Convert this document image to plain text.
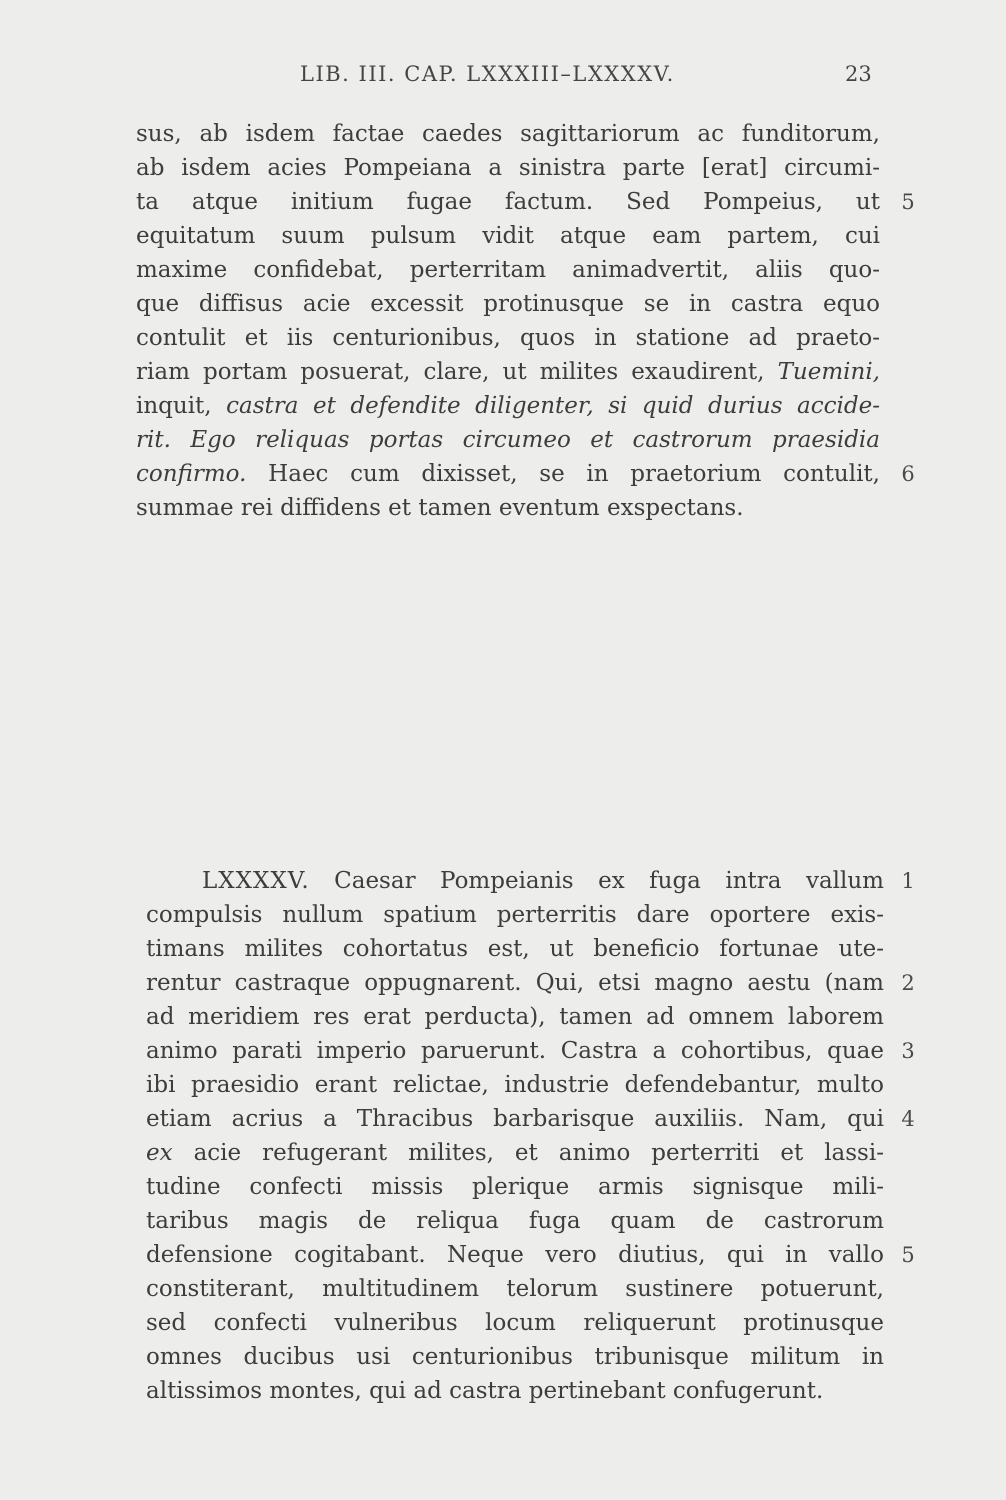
LIB. III. CAP. LXXXIII–LXXXXV.	23
sus, ab isdem factae caedes sagittariorum ac funditorum,
ab isdem acies Pompeiana a sinistra parte [erat] circumi-
ta atque initium fugae factum. Sed Pompeius, ut	5
equitatum suum pulsum vidit atque eam partem, cui
maxime confidebat, perterritam animadvertit, aliis quo-
que diffisus acie excessit protinusque se in castra equo
contulit et iis centurionibus, quos in statione ad praeto-
riam portam posuerat, clare, ut milites exaudirent, Tuemini,
inquit, castra et defendite diligenter, si quid durius accide-
rit. Ego reliquas portas circumeo et castrorum praesidia
confirmo. Haec cum dixisset, se in praetorium contulit,	6
summae rei diffidens et tamen eventum exspectans.
LXXXXV. Caesar Pompeianis ex fuga intra vallum 1
compulsis nullum spatium perterritis dare oportere exis-
timans milites cohortatus est, ut beneficio fortunae ute-
rentur castraque oppugnarent. Qui, etsi magno aestu (nam 2
ad meridiem res erat perducta), tamen ad omnem laborem
animo parati imperio paruerunt. Castra a cohortibus, quae 3
ibi praesidio erant relictae, industrie defendebantur, multo
etiam acrius a Thracibus barbarisque auxiliis. Nam, qui 4
ex acie refugerant milites, et animo perterriti et lassi-
tudine confecti missis plerique armis signisque mili-
taribus magis de reliqua fuga quam de castrorum
defensione cogitabant. Neque vero diutius, qui in vallo 5
constiterant, multitudinem telorum sustinere potuerunt,
sed confecti vulneribus locum reliquerunt protinusque
omnes ducibus usi centurionibus tribunisque militum in
altissimos montes, qui ad castra pertinebant confugerunt.
